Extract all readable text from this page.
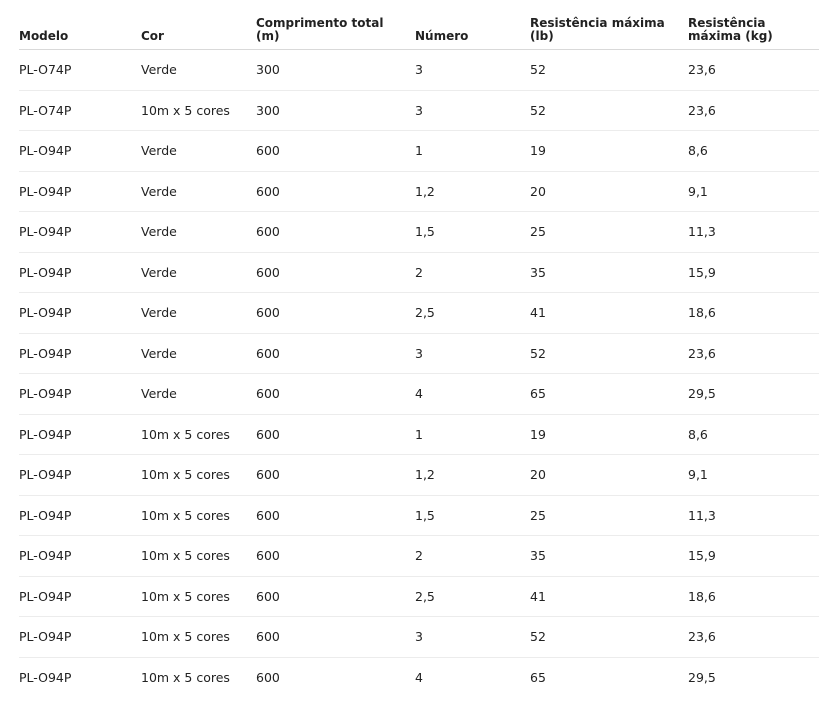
Modelo	Cor	Comprimento total (m)	Número	Resistência máxima (lb)	Resistência máxima (kg)
PL-O74P	Verde	300	3	52	23,6
PL-O74P	10m x 5 cores	300	3	52	23,6
PL-O94P	Verde	600	1	19	8,6
PL-O94P	Verde	600	1,2	20	9,1
PL-O94P	Verde	600	1,5	25	11,3
PL-O94P	Verde	600	2	35	15,9
PL-O94P	Verde	600	2,5	41	18,6
PL-O94P	Verde	600	3	52	23,6
PL-O94P	Verde	600	4	65	29,5
PL-O94P	10m x 5 cores	600	1	19	8,6
PL-O94P	10m x 5 cores	600	1,2	20	9,1
PL-O94P	10m x 5 cores	600	1,5	25	11,3
PL-O94P	10m x 5 cores	600	2	35	15,9
PL-O94P	10m x 5 cores	600	2,5	41	18,6
PL-O94P	10m x 5 cores	600	3	52	23,6
PL-O94P	10m x 5 cores	600	4	65	29,5
